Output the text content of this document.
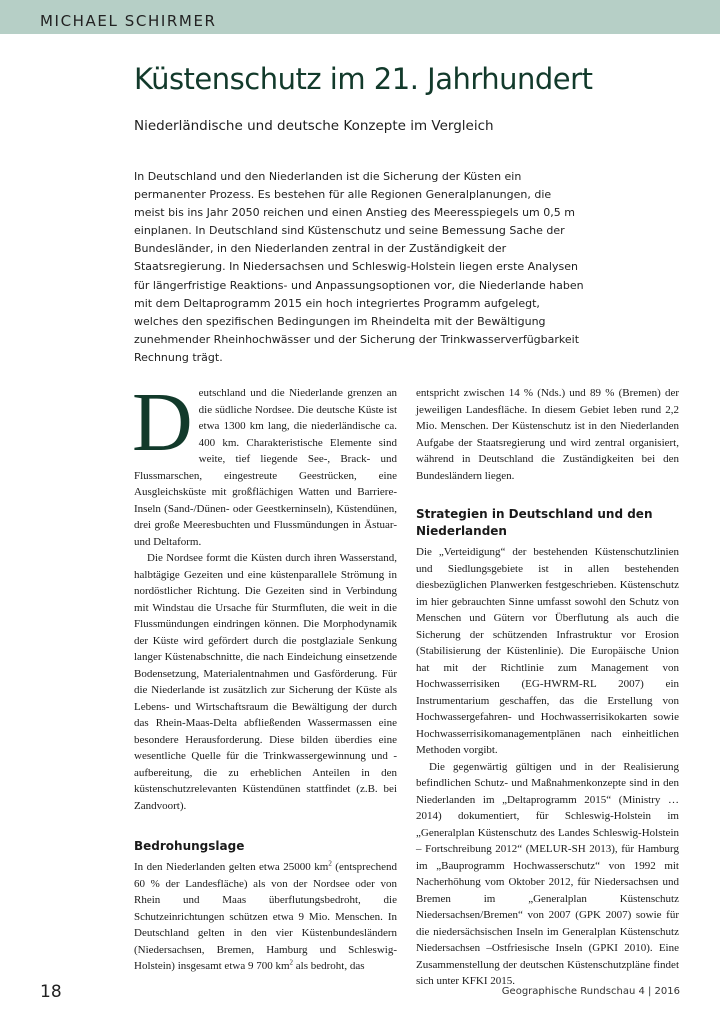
MICHAEL SCHIRMER
Küstenschutz im 21. Jahrhundert
Niederländische und deutsche Konzepte im Vergleich

In Deutschland und den Niederlanden ist die Sicherung der Küsten ein permanenter Prozess. Es bestehen für alle Regionen Generalplanungen, die meist bis ins Jahr 2050 reichen und einen Anstieg des Meeresspiegels um 0,5 m einplanen. In Deutschland sind Küstenschutz und seine Bemessung Sache der Bundesländer, in den Niederlanden zentral in der Zuständigkeit der Staatsregierung. In Niedersachsen und Schleswig-Holstein liegen erste Analysen für längerfristige Reaktions- und Anpassungsoptionen vor, die Niederlande haben mit dem Deltaprogramm 2015 ein hoch integriertes Programm aufgelegt, welches den spezifischen Bedingungen im Rheindelta mit der Bewältigung zunehmender Rheinhochwässer und der Sicherung der Trinkwasserverfügbarkeit Rechnung trägt.

Deutschland und die Niederlande grenzen an die südliche Nordsee. Die deutsche Küste ist etwa 1300 km lang, die niederländische ca. 400 km. Charakteristische Elemente sind weite, tief liegende See-, Brack- und Flussmarschen, eingestreute Geestrücken, eine Ausgleichsküste mit großflächigen Watten und Barriere-Inseln (Sand-/Dünen- oder Geestkerninseln), Küstendünen, drei große Meeresbuchten und Flussmündungen in Ästuar- und Deltaform.

Die Nordsee formt die Küsten durch ihren Wasserstand, halbtägige Gezeiten und eine küstenparallele Strömung in nordöstlicher Richtung. Die Gezeiten sind in Verbindung mit Windstau die Ursache für Sturmfluten, die weit in die Flussmündungen eindringen können. Die Morphodynamik der Küste wird gefördert durch die postglaziale Senkung langer Küstenabschnitte, die nach Eindeichung einsetzende Bodensetzung, Materialentnahmen und Gasförderung. Für die Niederlande ist zusätzlich zur Sicherung der Küste als Lebens- und Wirtschaftsraum die Bewältigung der durch das Rhein-Maas-Delta abfließenden Wassermassen eine besondere Herausforderung. Diese bilden überdies eine wesentliche Quelle für die Trinkwassergewinnung und -aufbereitung, die zu erheblichen Anteilen in den küstenschutzrelevanten Küstendünen stattfindet (z.B. bei Zandvoort).

Bedrohungslage

In den Niederlanden gelten etwa 25000 $km^2$ (entsprechend 60 % der Landesfläche) als von der Nordsee oder von Rhein und Maas überflutungsbedroht, die Schutzeinrichtungen schützen etwa 9 Mio. Menschen. In Deutschland gelten in den vier Küstenbundesländern (Niedersachsen, Bremen, Hamburg und Schleswig-Holstein) insgesamt etwa 9 700 $km^2$ als bedroht, das

entspricht zwischen 14 % (Nds.) und 89 % (Bremen) der jeweiligen Landesfläche. In diesem Gebiet leben rund 2,2 Mio. Menschen. Der Küstenschutz ist in den Niederlanden Aufgabe der Staatsregierung und wird zentral organisiert, während in Deutschland die Zuständigkeiten bei den Bundesländern liegen.

Strategien in Deutschland und den Niederlanden

Die „Verteidigung“ der bestehenden Küstenschutzlinien und Siedlungsgebiete ist in allen bestehenden diesbezüglichen Planwerken festgeschrieben. Küstenschutz im hier gebrauchten Sinne umfasst sowohl den Schutz von Menschen und Gütern vor Überflutung als auch die Sicherung der schützenden Infrastruktur vor Erosion (Stabilisierung der Küstenlinie). Die Europäische Union hat mit der Richtlinie zum Management von Hochwasserrisiken (EG-HWRM-RL 2007) ein Instrumentarium geschaffen, das die Erstellung von Hochwassergefahren- und Hochwasserrisikokarten sowie Hochwasserrisikomanagementplänen nach einheitlichen Methoden vorgibt.

Die gegenwärtig gültigen und in der Realisierung befindlichen Schutz- und Maßnahmenkonzepte sind in den Niederlanden im „Deltaprogramm 2015“ (Ministry … 2014) dokumentiert, für Schleswig-Holstein im „Generalplan Küstenschutz des Landes Schleswig-Holstein – Fortschreibung 2012“ (MELUR-SH 2013), für Hamburg im „Bauprogramm Hochwasserschutz“ von 1992 mit Nacherhöhung vom Oktober 2012, für Niedersachsen und Bremen im „Generalplan Küstenschutz Niedersachsen/Bremen“ von 2007 (GPK 2007) sowie für die niedersächsischen Inseln im Generalplan Küstenschutz Niedersachsen –Ostfriesische Inseln (GPKI 2010). Eine Zusammenstellung der deutschen Küstenschutzpläne findet sich unter KFKI 2015.

18	Geographische Rundschau 4 | 2016
